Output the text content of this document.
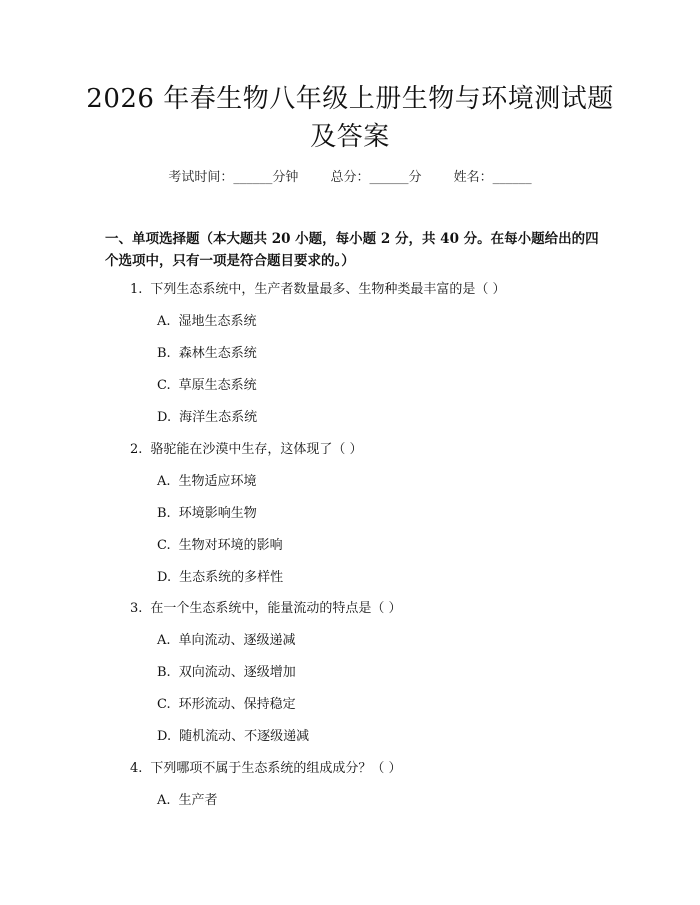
2026 年春生物八年级上册生物与环境测试题
及答案
考试时间：______分钟 总分：______分 姓名：______
一、单项选择题（本大题共 20 小题，每小题 2 分，共 40 分。在每小题给出的四
个选项中，只有一项是符合题目要求的。）
1. 下列生态系统中，生产者数量最多、生物种类最丰富的是（ ）
A. 湿地生态系统
B. 森林生态系统
C. 草原生态系统
D. 海洋生态系统
2. 骆驼能在沙漠中生存，这体现了（ ）
A. 生物适应环境
B. 环境影响生物
C. 生物对环境的影响
D. 生态系统的多样性
3. 在一个生态系统中，能量流动的特点是（ ）
A. 单向流动、逐级递减
B. 双向流动、逐级增加
C. 环形流动、保持稳定
D. 随机流动、不逐级递减
4. 下列哪项不属于生态系统的组成成分？（ ）
A. 生产者
